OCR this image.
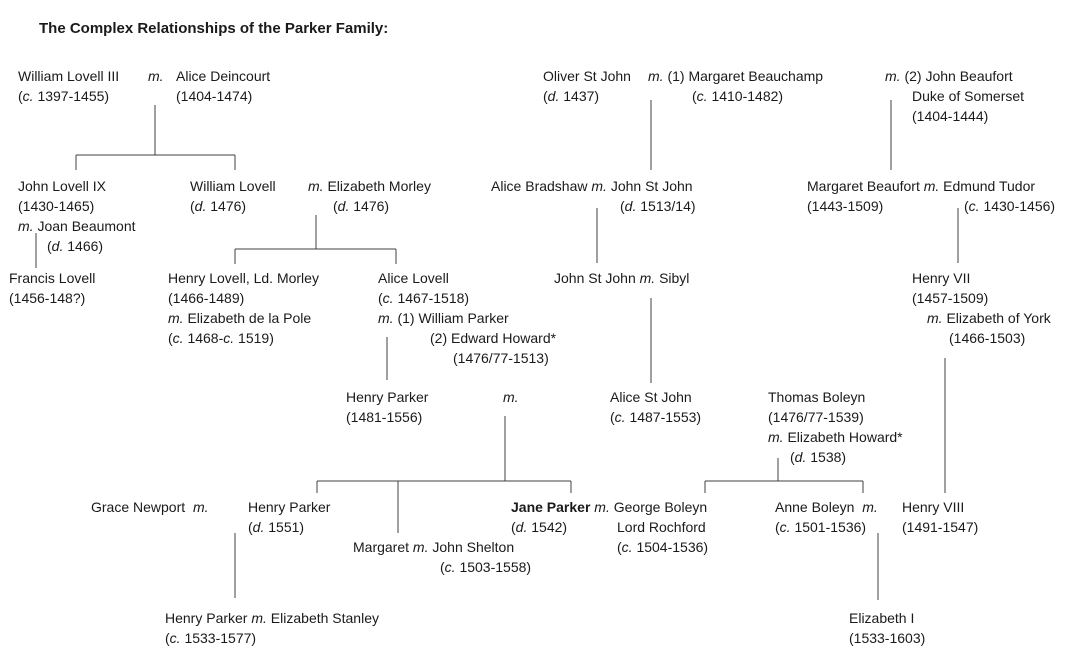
The Complex Relationships of the Parker Family:
William Lovell III
(c. 1397-1455)
m. Alice Deincourt
(1404-1474)
Oliver St John
(d. 1437)
m. (1) Margaret Beauchamp
(c. 1410-1482)
m. (2) John Beaufort
Duke of Somerset
(1404-1444)
John Lovell IX
(1430-1465)
m. Joan Beaumont
(d. 1466)
William Lovell
(d. 1476)
m. Elizabeth Morley
(d. 1476)
Alice Bradshaw m. John St John
(d. 1513/14)
Margaret Beaufort m. Edmund Tudor
(1443-1509)	(c. 1430-1456)
Francis Lovell
(1456-148?)
Henry Lovell, Ld. Morley
(1466-1489)
m. Elizabeth de la Pole
(c. 1468-c. 1519)
Alice Lovell
(c. 1467-1518)
m. (1) William Parker
(2) Edward Howard*
(1476/77-1513)
John St John m. Sibyl	Henry VII
(1457-1509)
m. Elizabeth of York
(1466-1503)
Henry Parker
(1481-1556)
m.	Alice St John
(c. 1487-1553)
Thomas Boleyn
(1476/77-1539)
m. Elizabeth Howard*
(d. 1538)
Grace Newport m.	Henry Parker
(d. 1551)
Jane Parker m. George Boleyn
(d. 1542)	Lord Rochford
(c. 1504-1536)
Anne Boleyn m.
(c. 1501-1536)
Henry VIII
(1491-1547)
Margaret m. John Shelton
(c. 1503-1558)
Henry Parker m. Elizabeth Stanley
(c. 1533-1577)
Elizabeth I
(1533-1603)
